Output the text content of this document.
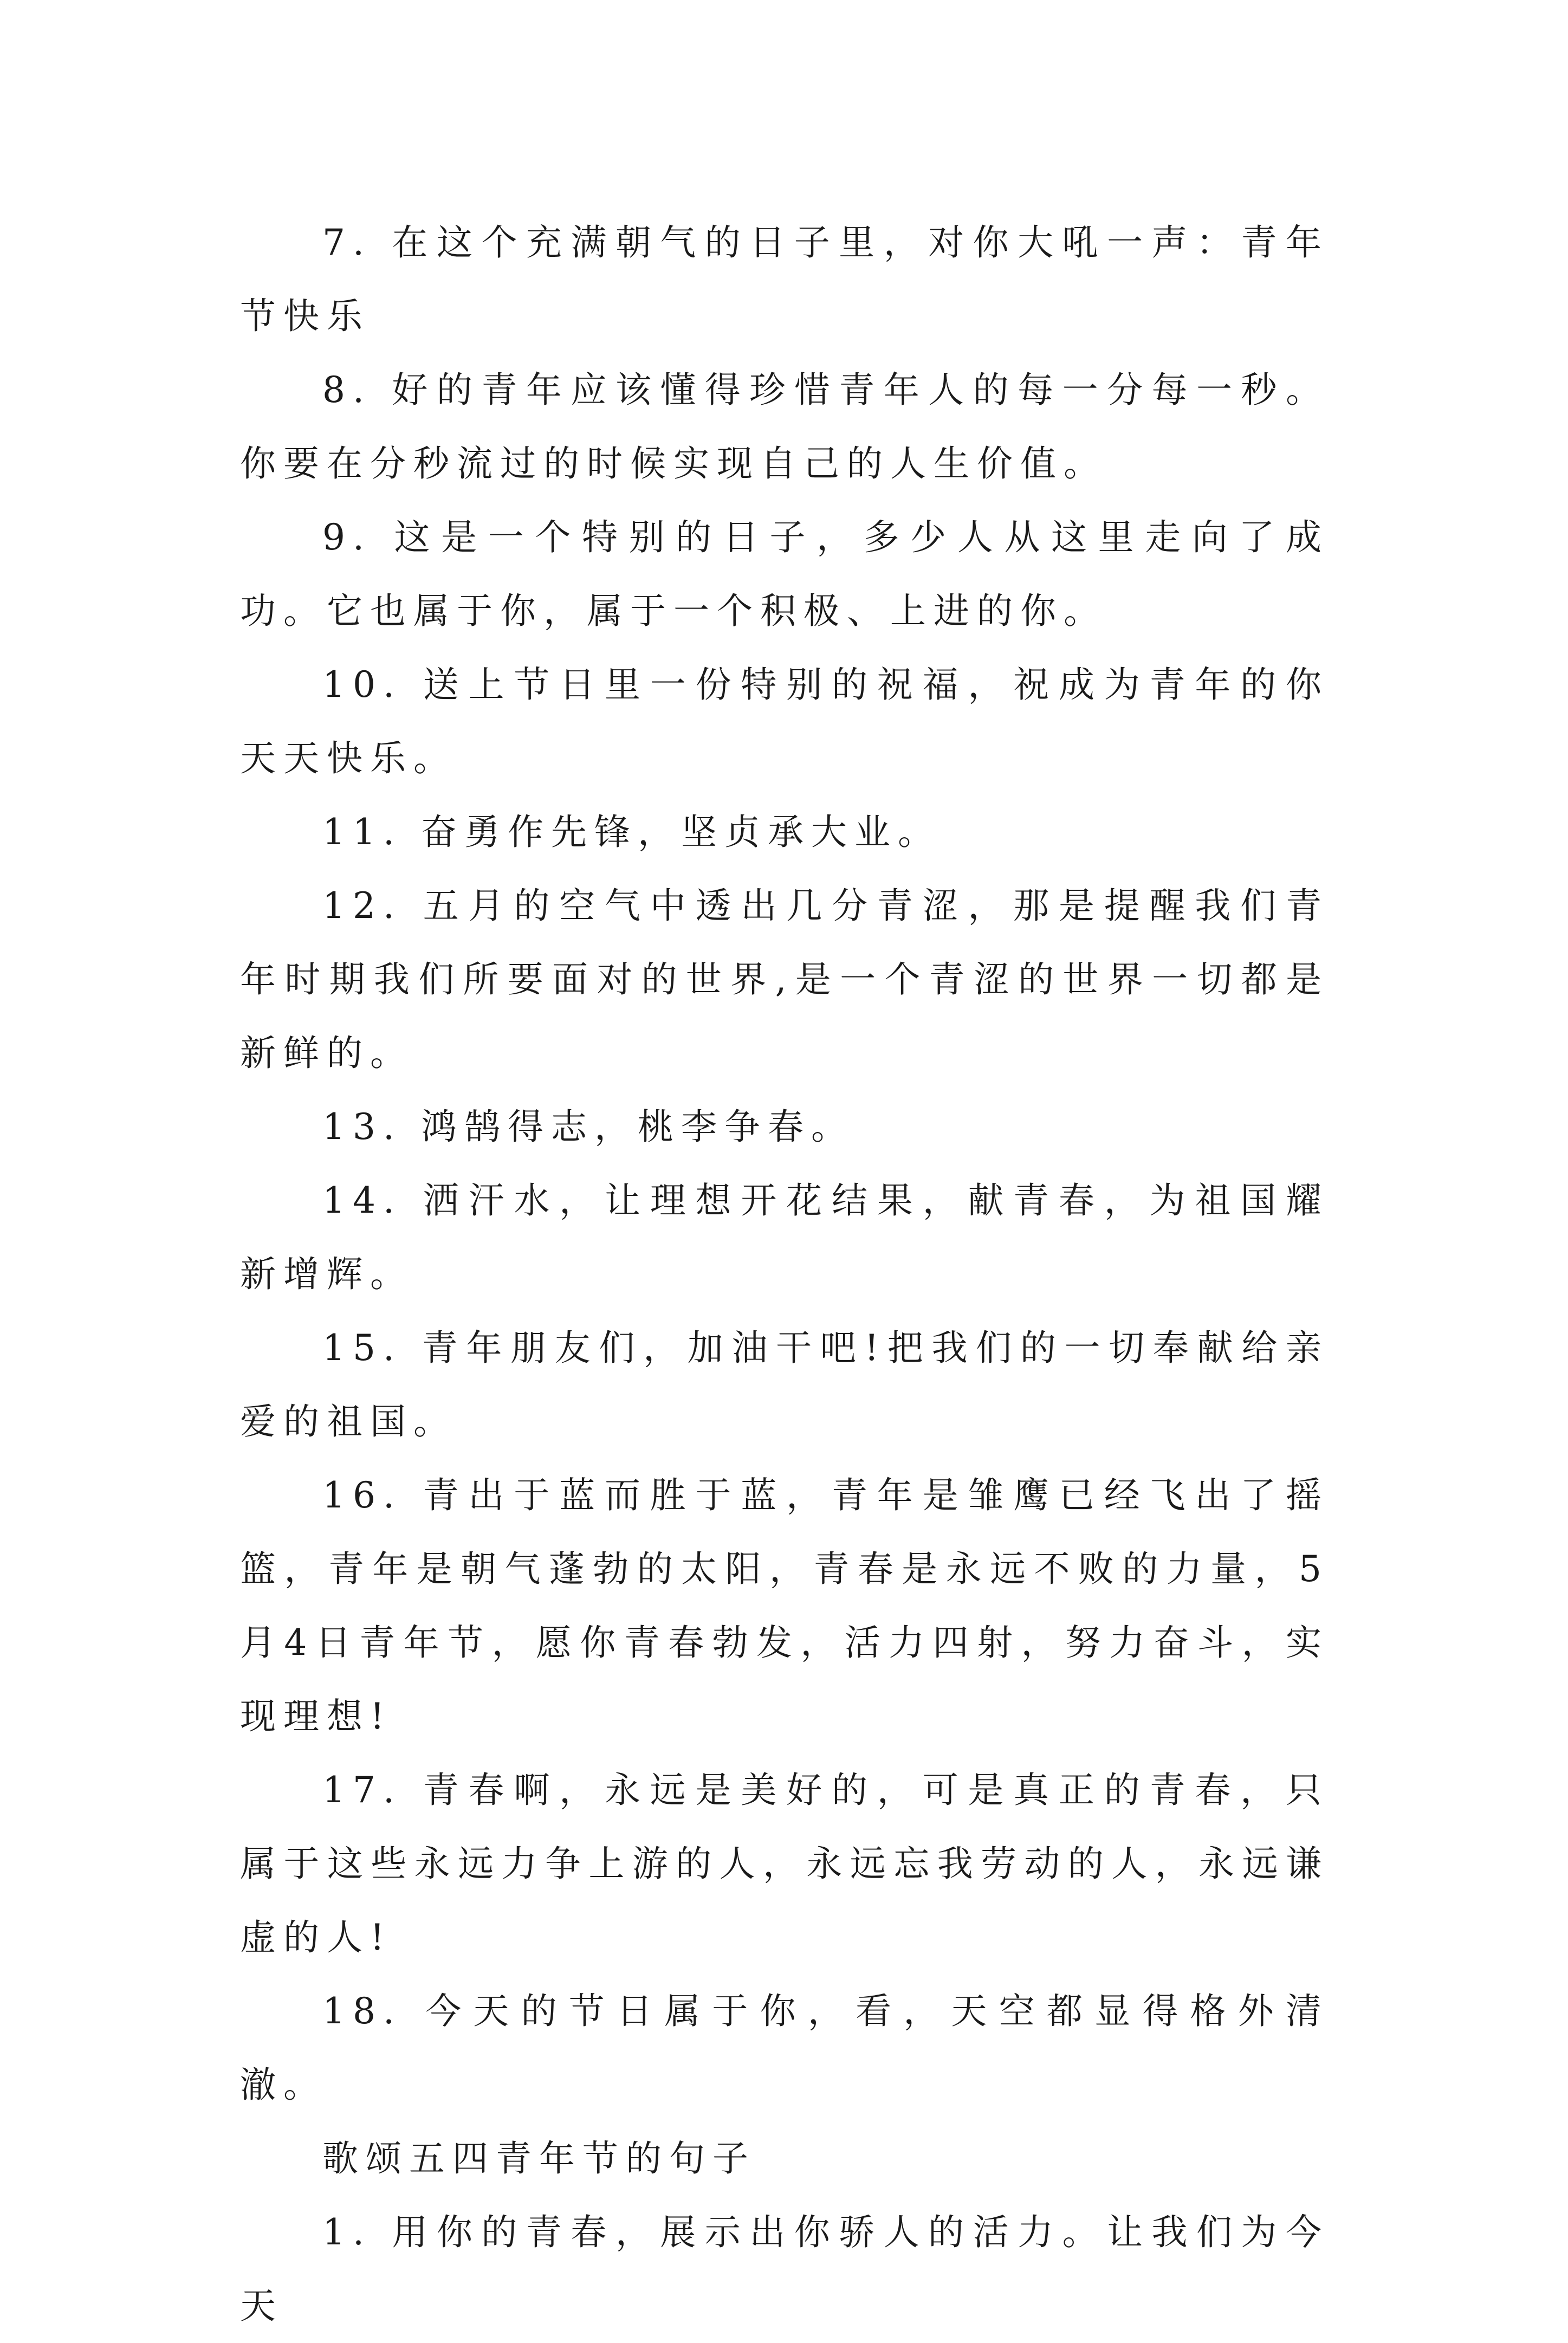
7. 在这个充满朝气的日子里，对你大吼一声：青年节快乐

8. 好的青年应该懂得珍惜青年人的每一分每一秒。你要在分秒流过的时候实现自己的人生价值。

9. 这是一个特别的日子，多少人从这里走向了成功。它也属于你，属于一个积极、上进的你。

10. 送上节日里一份特别的祝福，祝成为青年的你天天快乐。

11. 奋勇作先锋，坚贞承大业。

12. 五月的空气中透出几分青涩，那是提醒我们青年时期我们所要面对的世界,是一个青涩的世界一切都是新鲜的。

13. 鸿鹄得志，桃李争春。

14. 洒汗水，让理想开花结果，献青春，为祖国耀新增辉。

15. 青年朋友们，加油干吧!把我们的一切奉献给亲爱的祖国。

16. 青出于蓝而胜于蓝，青年是雏鹰已经飞出了摇篮，青年是朝气蓬勃的太阳，青春是永远不败的力量，5月4日青年节，愿你青春勃发，活力四射，努力奋斗，实现理想!

17. 青春啊，永远是美好的，可是真正的青春，只属于这些永远力争上游的人，永远忘我劳动的人，永远谦虚的人!

18. 今天的节日属于你，看，天空都显得格外清澈。

歌颂五四青年节的句子

1. 用你的青春，展示出你骄人的活力。让我们为今天
